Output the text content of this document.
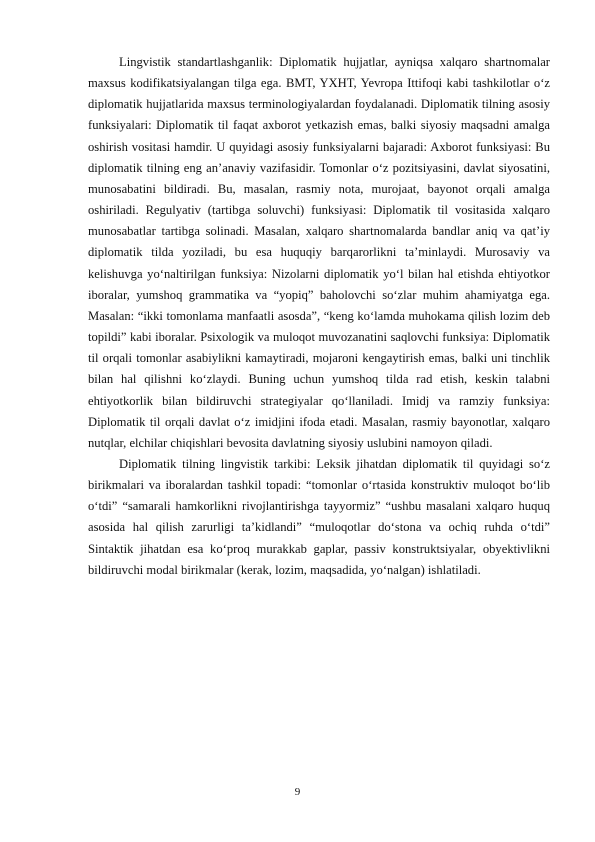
Lingvistik standartlashganlik: Diplomatik hujjatlar, ayniqsa xalqaro shartnomalar maxsus kodifikatsiyalangan tilga ega. BMT, YXHT, Yevropa Ittifoqi kabi tashkilotlar o‘z diplomatik hujjatlarida maxsus terminologiyalardan foydalanadi. Diplomatik tilning asosiy funksiyalari: Diplomatik til faqat axborot yetkazish emas, balki siyosiy maqsadni amalga oshirish vositasi hamdir. U quyidagi asosiy funksiyalarni bajaradi: Axborot funksiyasi: Bu diplomatik tilning eng an’anaviy vazifasidir. Tomonlar o‘z pozitsiyasini, davlat siyosatini, munosabatini bildiradi. Bu, masalan, rasmiy nota, murojaat, bayonot orqali amalga oshiriladi. Regulyativ (tartibga soluvchi) funksiyasi: Diplomatik til vositasida xalqaro munosabatlar tartibga solinadi. Masalan, xalqaro shartnomalarda bandlar aniq va qat’iy diplomatik tilda yoziladi, bu esa huquqiy barqarorlikni ta’minlaydi. Murosaviy va kelishuvga yo‘naltirilgan funksiya: Nizolarni diplomatik yo‘l bilan hal etishda ehtiyotkor iboralar, yumshoq grammatika va “yopiq” baholovchi so‘zlar muhim ahamiyatga ega. Masalan: “ikki tomonlama manfaatli asosda”, “keng ko‘lamda muhokama qilish lozim deb topildi” kabi iboralar. Psixologik va muloqot muvozanatini saqlovchi funksiya: Diplomatik til orqali tomonlar asabiylikni kamaytiradi, mojaroni kengaytirish emas, balki uni tinchlik bilan hal qilishni ko‘zlaydi. Buning uchun yumshoq tilda rad etish, keskin talabni ehtiyotkorlik bilan bildiruvchi strategiyalar qo‘llaniladi. Imidj va ramziy funksiya: Diplomatik til orqali davlat o‘z imidjini ifoda etadi. Masalan, rasmiy bayonotlar, xalqaro nutqlar, elchilar chiqishlari bevosita davlatning siyosiy uslubini namoyon qiladi.

Diplomatik tilning lingvistik tarkibi: Leksik jihatdan diplomatik til quyidagi so‘z birikmalari va iboralardan tashkil topadi: “tomonlar o‘rtasida konstruktiv muloqot bo‘lib o‘tdi” “samarali hamkorlikni rivojlantirishga tayyormiz” “ushbu masalani xalqaro huquq asosida hal qilish zarurligi ta’kidlandi” “muloqotlar do‘stona va ochiq ruhda o‘tdi” Sintaktik jihatdan esa ko‘proq murakkab gaplar, passiv konstruktsiyalar, obyektivlikni bildiruvchi modal birikmalar (kerak, lozim, maqsadida, yo‘nalgan) ishlatiladi.

9
